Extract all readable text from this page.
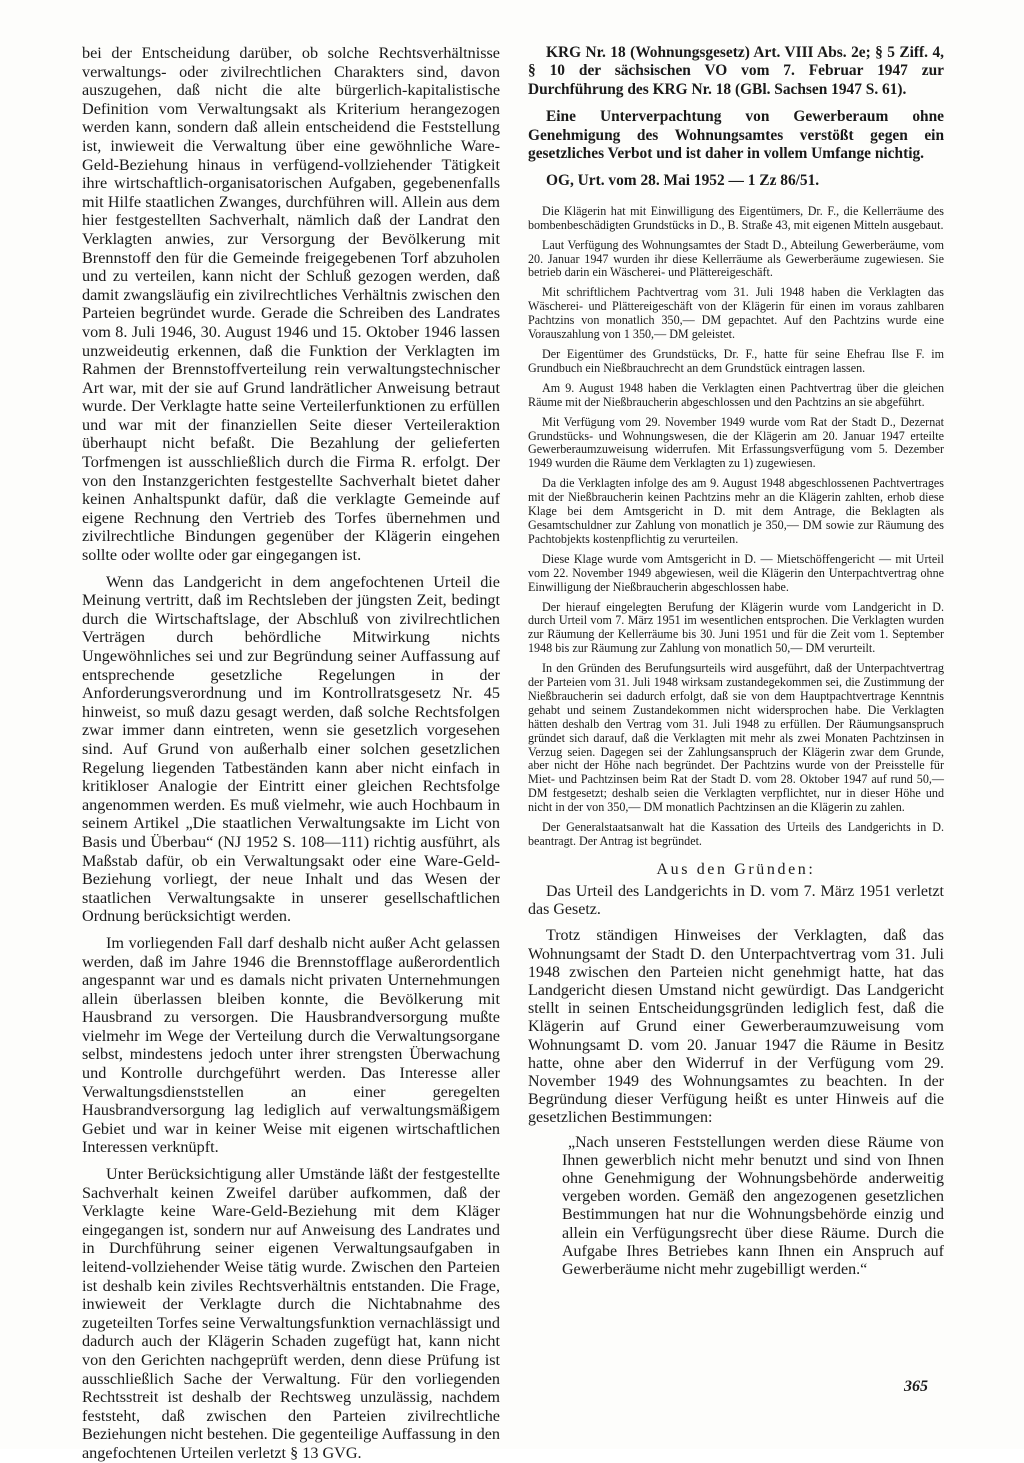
bei der Entscheidung darüber, ob solche Rechtsverhältnisse verwaltungs- oder zivilrechtlichen Charakters sind, davon auszugehen, daß nicht die alte bürgerlich-kapitalistische Definition vom Verwaltungsakt als Kriterium herangezogen werden kann, sondern daß allein entscheidend die Feststellung ist, inwieweit die Verwaltung über eine gewöhnliche Ware-Geld-Beziehung hinaus in verfügend-vollziehender Tätigkeit ihre wirtschaftlich-organisatorischen Aufgaben, gegebenenfalls mit Hilfe staatlichen Zwanges, durchführen will. Allein aus dem hier festgestellten Sachverhalt, nämlich daß der Landrat den Verklagten anwies, zur Versorgung der Bevölkerung mit Brennstoff den für die Gemeinde freigegebenen Torf abzuholen und zu verteilen, kann nicht der Schluß gezogen werden, daß damit zwangsläufig ein zivilrechtliches Verhältnis zwischen den Parteien begründet wurde. Gerade die Schreiben des Landrates vom 8. Juli 1946, 30. August 1946 und 15. Oktober 1946 lassen unzweideutig erkennen, daß die Funktion der Verklagten im Rahmen der Brennstoffverteilung rein verwaltungstechnischer Art war, mit der sie auf Grund landrätlicher Anweisung betraut wurde. Der Verklagte hatte seine Verteilerfunktionen zu erfüllen und war mit der finanziellen Seite dieser Verteileraktion überhaupt nicht befaßt. Die Bezahlung der gelieferten Torfmengen ist ausschließlich durch die Firma R. erfolgt. Der von den Instanzgerichten festgestellte Sachverhalt bietet daher keinen Anhaltspunkt dafür, daß die verklagte Gemeinde auf eigene Rechnung den Vertrieb des Torfes übernehmen und zivilrechtliche Bindungen gegenüber der Klägerin eingehen sollte oder wollte oder gar eingegangen ist.

Wenn das Landgericht in dem angefochtenen Urteil die Meinung vertritt, daß im Rechtsleben der jüngsten Zeit, bedingt durch die Wirtschaftslage, der Abschluß von zivilrechtlichen Verträgen durch behördliche Mitwirkung nichts Ungewöhnliches sei und zur Begründung seiner Auffassung auf entsprechende gesetzliche Regelungen in der Anforderungsverordnung und im Kontrollratsgesetz Nr. 45 hinweist, so muß dazu gesagt werden, daß solche Rechtsfolgen zwar immer dann eintreten, wenn sie gesetzlich vorgesehen sind. Auf Grund von außerhalb einer solchen gesetzlichen Regelung liegenden Tatbeständen kann aber nicht einfach in kritikloser Analogie der Eintritt einer gleichen Rechtsfolge angenommen werden. Es muß vielmehr, wie auch Hochbaum in seinem Artikel „Die staatlichen Verwaltungsakte im Licht von Basis und Überbau“ (NJ 1952 S. 108—111) richtig ausführt, als Maßstab dafür, ob ein Verwaltungsakt oder eine Ware-Geld-Beziehung vorliegt, der neue Inhalt und das Wesen der staatlichen Verwaltungsakte in unserer gesellschaftlichen Ordnung berücksichtigt werden.

Im vorliegenden Fall darf deshalb nicht außer Acht gelassen werden, daß im Jahre 1946 die Brennstofflage außerordentlich angespannt war und es damals nicht privaten Unternehmungen allein überlassen bleiben konnte, die Bevölkerung mit Hausbrand zu versorgen. Die Hausbrandversorgung mußte vielmehr im Wege der Verteilung durch die Verwaltungsorgane selbst, mindestens jedoch unter ihrer strengsten Überwachung und Kontrolle durchgeführt werden. Das Interesse aller Verwaltungsdienststellen an einer geregelten Hausbrandversorgung lag lediglich auf verwaltungsmäßigem Gebiet und war in keiner Weise mit eigenen wirtschaftlichen Interessen verknüpft.

Unter Berücksichtigung aller Umstände läßt der festgestellte Sachverhalt keinen Zweifel darüber aufkommen, daß der Verklagte keine Ware-Geld-Beziehung mit dem Kläger eingegangen ist, sondern nur auf Anweisung des Landrates und in Durchführung seiner eigenen Verwaltungsaufgaben in leitend-vollziehender Weise tätig wurde. Zwischen den Parteien ist deshalb kein ziviles Rechtsverhältnis entstanden. Die Frage, inwieweit der Verklagte durch die Nichtabnahme des zugeteilten Torfes seine Verwaltungsfunktion vernachlässigt und dadurch auch der Klägerin Schaden zugefügt hat, kann nicht von den Gerichten nachgeprüft werden, denn diese Prüfung ist ausschließlich Sache der Verwaltung. Für den vorliegenden Rechtsstreit ist deshalb der Rechtsweg unzulässig, nachdem feststeht, daß zwischen den Parteien zivilrechtliche Beziehungen nicht bestehen. Die gegenteilige Auffassung in den angefochtenen Urteilen verletzt § 13 GVG.

KRG Nr. 18 (Wohnungsgesetz) Art. VIII Abs. 2e; § 5 Ziff. 4, § 10 der sächsischen VO vom 7. Februar 1947 zur Durchführung des KRG Nr. 18 (GBl. Sachsen 1947 S. 61).

Eine Unterverpachtung von Gewerberaum ohne Genehmigung des Wohnungsamtes verstößt gegen ein gesetzliches Verbot und ist daher in vollem Umfange nichtig.

OG, Urt. vom 28. Mai 1952 — 1 Zz 86/51.

Die Klägerin hat mit Einwilligung des Eigentümers, Dr. F., die Kellerräume des bombenbeschädigten Grundstücks in D., B. Straße 43, mit eigenen Mitteln ausgebaut.

Laut Verfügung des Wohnungsamtes der Stadt D., Abteilung Gewerberäume, vom 20. Januar 1947 wurden ihr diese Kellerräume als Gewerberäume zugewiesen. Sie betrieb darin ein Wäscherei- und Plättereigeschäft.

Mit schriftlichem Pachtvertrag vom 31. Juli 1948 haben die Verklagten das Wäscherei- und Plättereigeschäft von der Klägerin für einen im voraus zahlbaren Pachtzins von monatlich 350,— DM gepachtet. Auf den Pachtzins wurde eine Vorauszahlung von 1 350,— DM geleistet.

Der Eigentümer des Grundstücks, Dr. F., hatte für seine Ehefrau Ilse F. im Grundbuch ein Nießbrauchrecht an dem Grundstück eintragen lassen.

Am 9. August 1948 haben die Verklagten einen Pachtvertrag über die gleichen Räume mit der Nießbraucherin abgeschlossen und den Pachtzins an sie abgeführt.

Mit Verfügung vom 29. November 1949 wurde vom Rat der Stadt D., Dezernat Grundstücks- und Wohnungswesen, die der Klägerin am 20. Januar 1947 erteilte Gewerberaumzuweisung widerrufen. Mit Erfassungsverfügung vom 5. Dezember 1949 wurden die Räume dem Verklagten zu 1) zugewiesen.

Da die Verklagten infolge des am 9. August 1948 abgeschlossenen Pachtvertrages mit der Nießbraucherin keinen Pachtzins mehr an die Klägerin zahlten, erhob diese Klage bei dem Amtsgericht in D. mit dem Antrage, die Beklagten als Gesamtschuldner zur Zahlung von monatlich je 350,— DM sowie zur Räumung des Pachtobjekts kostenpflichtig zu verurteilen.

Diese Klage wurde vom Amtsgericht in D. — Mietschöffengericht — mit Urteil vom 22. November 1949 abgewiesen, weil die Klägerin den Unterpachtvertrag ohne Einwilligung der Nießbraucherin abgeschlossen habe.

Der hierauf eingelegten Berufung der Klägerin wurde vom Landgericht in D. durch Urteil vom 7. März 1951 im wesentlichen entsprochen. Die Verklagten wurden zur Räumung der Kellerräume bis 30. Juni 1951 und für die Zeit vom 1. September 1948 bis zur Räumung zur Zahlung von monatlich 50,— DM verurteilt.

In den Gründen des Berufungsurteils wird ausgeführt, daß der Unterpachtvertrag der Parteien vom 31. Juli 1948 wirksam zustandegekommen sei, die Zustimmung der Nießbraucherin sei dadurch erfolgt, daß sie von dem Hauptpachtvertrage Kenntnis gehabt und seinem Zustandekommen nicht widersprochen habe. Die Verklagten hätten deshalb den Vertrag vom 31. Juli 1948 zu erfüllen. Der Räumungsanspruch gründet sich darauf, daß die Verklagten mit mehr als zwei Monaten Pachtzinsen in Verzug seien. Dagegen sei der Zahlungsanspruch der Klägerin zwar dem Grunde, aber nicht der Höhe nach begründet. Der Pachtzins wurde von der Preisstelle für Miet- und Pachtzinsen beim Rat der Stadt D. vom 28. Oktober 1947 auf rund 50,— DM festgesetzt; deshalb seien die Verklagten verpflichtet, nur in dieser Höhe und nicht in der von 350,— DM monatlich Pachtzinsen an die Klägerin zu zahlen.

Der Generalstaatsanwalt hat die Kassation des Urteils des Landgerichts in D. beantragt. Der Antrag ist begründet.

Aus den Gründen:

Das Urteil des Landgerichts in D. vom 7. März 1951 verletzt das Gesetz.

Trotz ständigen Hinweises der Verklagten, daß das Wohnungsamt der Stadt D. den Unterpachtvertrag vom 31. Juli 1948 zwischen den Parteien nicht genehmigt hatte, hat das Landgericht diesen Umstand nicht gewürdigt. Das Landgericht stellt in seinen Entscheidungsgründen lediglich fest, daß die Klägerin auf Grund einer Gewerberaumzuweisung vom Wohnungsamt D. vom 20. Januar 1947 die Räume in Besitz hatte, ohne aber den Widerruf in der Verfügung vom 29. November 1949 des Wohnungsamtes zu beachten. In der Begründung dieser Verfügung heißt es unter Hinweis auf die gesetzlichen Bestimmungen:

„Nach unseren Feststellungen werden diese Räume von Ihnen gewerblich nicht mehr benutzt und sind von Ihnen ohne Genehmigung der Wohnungsbehörde anderweitig vergeben worden. Gemäß den angezogenen gesetzlichen Bestimmungen hat nur die Wohnungsbehörde einzig und allein ein Verfügungsrecht über diese Räume. Durch die Aufgabe Ihres Betriebes kann Ihnen ein Anspruch auf Gewerberäume nicht mehr zugebilligt werden.“

365
